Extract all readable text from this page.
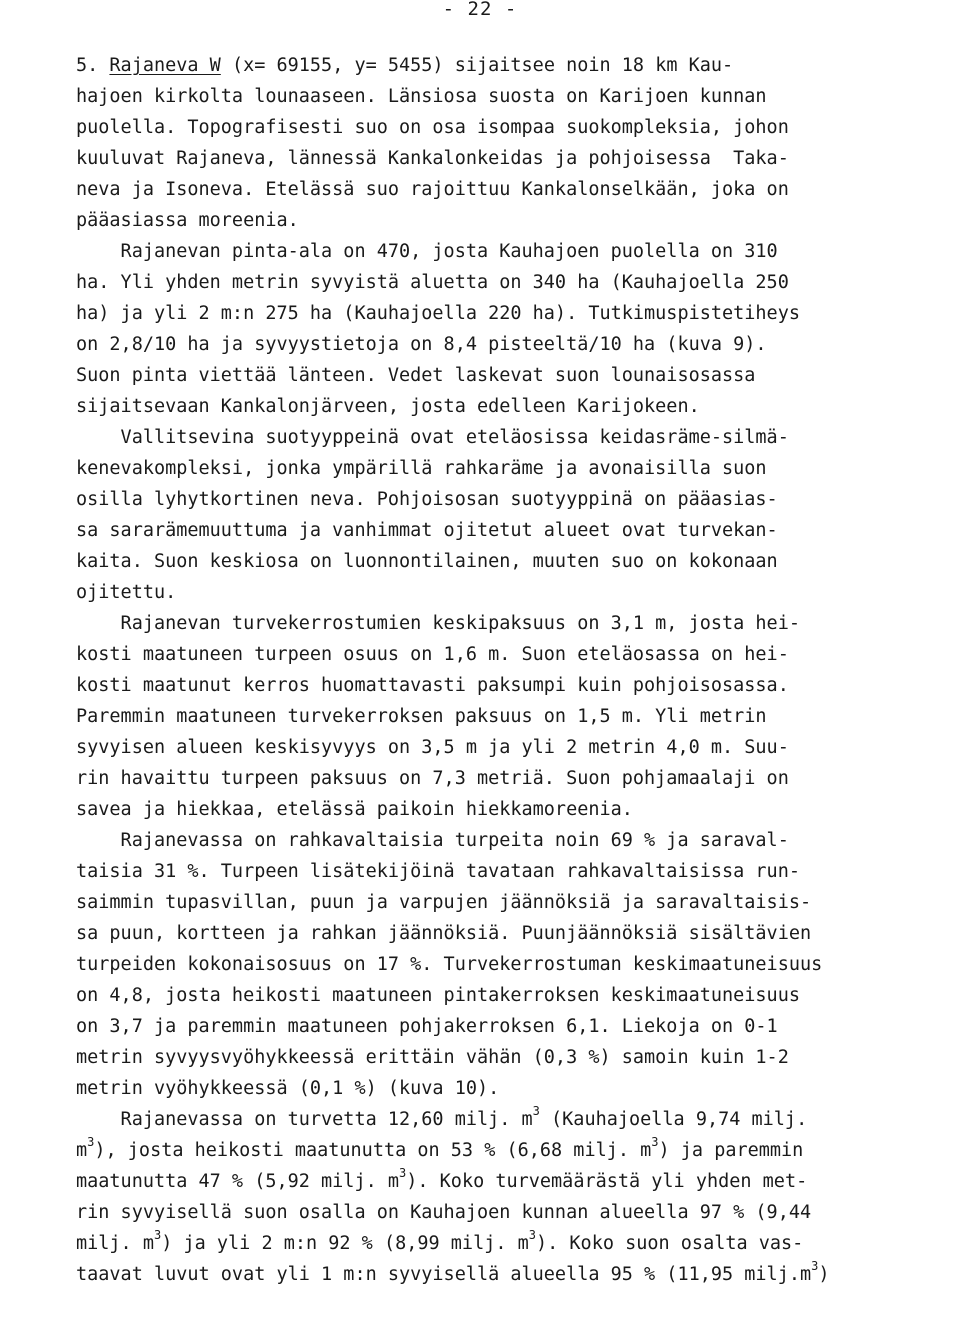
- 22 -
5. Rajaneva W (x= 69155, y= 5455) sijaitsee noin 18 km Kau-
hajoen kirkolta lounaaseen. Länsiosa suosta on Karijoen kunnan
puolella. Topografisesti suo on osa isompaa suokompleksia, johon
kuuluvat Rajaneva, lännessä Kankalonkeidas ja pohjoisessa  Taka-
neva ja Isoneva. Etelässä suo rajoittuu Kankalonselkään, joka on
pääasiassa moreenia.
Rajanevan pinta-ala on 470, josta Kauhajoen puolella on 310
ha. Yli yhden metrin syvyistä aluetta on 340 ha (Kauhajoella 250
ha) ja yli 2 m:n 275 ha (Kauhajoella 220 ha). Tutkimuspistetiheys
on 2,8/10 ha ja syvyystietoja on 8,4 pisteeltä/10 ha (kuva 9).
Suon pinta viettää länteen. Vedet laskevat suon lounaisosassa
sijaitsevaan Kankalonjärveen, josta edelleen Karijokeen.
Vallitsevina suotyyppeinä ovat eteläosissa keidasräme-silmä-
kenevakompleksi, jonka ympärillä rahkaräme ja avonaisilla suon
osilla lyhytkortinen neva. Pohjoisosan suotyyppinä on pääasias-
sa sararämemuuttuma ja vanhimmat ojitetut alueet ovat turvekan-
kaita. Suon keskiosa on luonnontilainen, muuten suo on kokonaan
ojitettu.
Rajanevan turvekerrostumien keskipaksuus on 3,1 m, josta hei-
kosti maatuneen turpeen osuus on 1,6 m. Suon eteläosassa on hei-
kosti maatunut kerros huomattavasti paksumpi kuin pohjoisosassa.
Paremmin maatuneen turvekerroksen paksuus on 1,5 m. Yli metrin
syvyisen alueen keskisyvyys on 3,5 m ja yli 2 metrin 4,0 m. Suu-
rin havaittu turpeen paksuus on 7,3 metriä. Suon pohjamaalaji on
savea ja hiekkaa, etelässä paikoin hiekkamoreenia.
Rajanevassa on rahkavaltaisia turpeita noin 69 % ja saraval-
taisia 31 %. Turpeen lisätekijöinä tavataan rahkavaltaisissa run-
saimmin tupasvillan, puun ja varpujen jäännöksiä ja saravaltaisis-
sa puun, kortteen ja rahkan jäännöksiä. Puunjäännöksiä sisältävien
turpeiden kokonaisosuus on 17 %. Turvekerrostuman keskimaatuneisuus
on 4,8, josta heikosti maatuneen pintakerroksen keskimaatuneisuus
on 3,7 ja paremmin maatuneen pohjakerroksen 6,1. Liekoja on 0-1
metrin syvyysvyöhykkeessä erittäin vähän (0,3 %) samoin kuin 1-2
metrin vyöhykkeessä (0,1 %) (kuva 10).
Rajanevassa on turvetta 12,60 milj. $m^3$ (Kauhajoella 9,74 milj.
$m^3$), josta heikosti maatunutta on 53 % (6,68 milj. $m^3$) ja paremmin
maatunutta 47 % (5,92 milj. $m^3$). Koko turvemäärästä yli yhden met-
rin syvyisellä suon osalla on Kauhajoen kunnan alueella 97 % (9,44
milj. $m^3$) ja yli 2 m:n 92 % (8,99 milj. $m^3$). Koko suon osalta vas-
taavat luvut ovat yli 1 m:n syvyisellä alueella 95 % (11,95 $milj.m^3$)
